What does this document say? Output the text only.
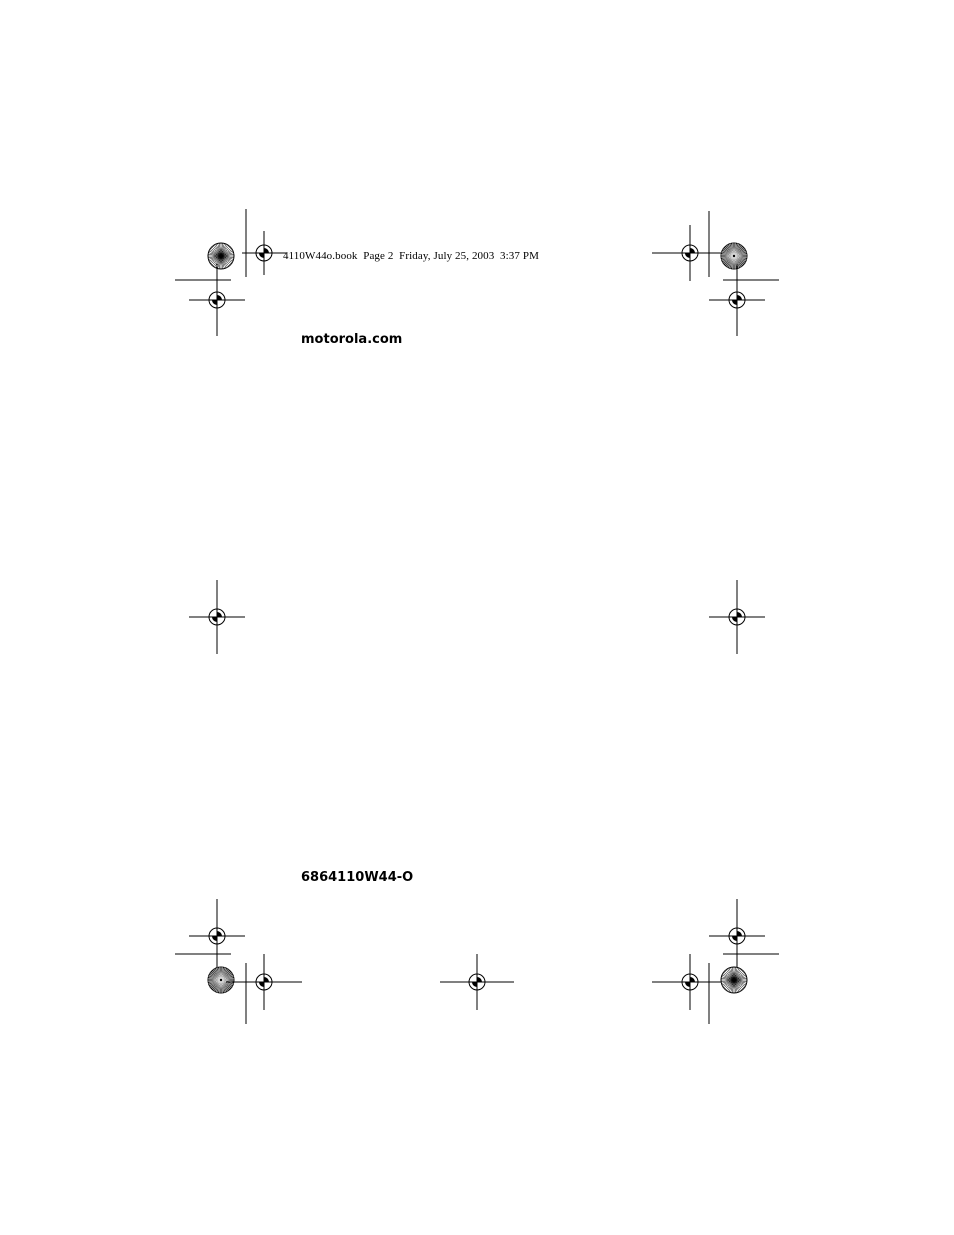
4110W44o.book  Page 2  Friday, July 25, 2003  3:37 PM
motorola.com
6864110W44-O
